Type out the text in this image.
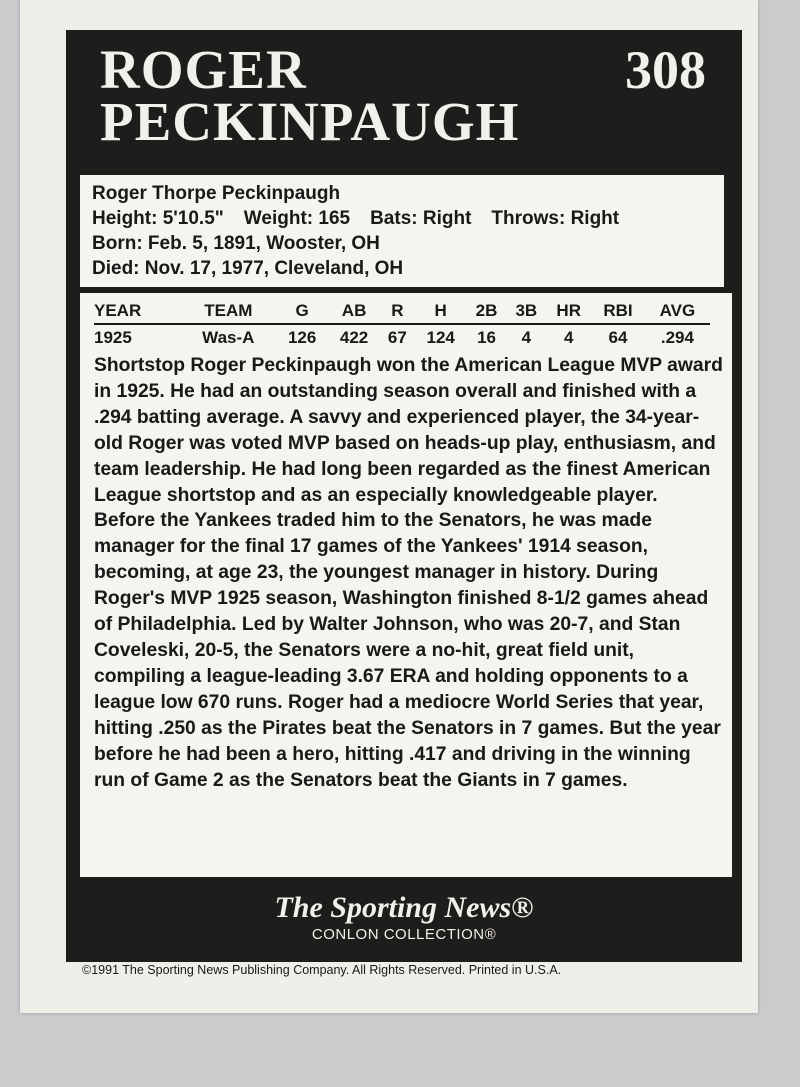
ROGER
PECKINPAUGH
308
Roger Thorpe Peckinpaugh
Height: 5'10.5" Weight: 165 Bats: Right Throws: Right
Born: Feb. 5, 1891, Wooster, OH
Died: Nov. 17, 1977, Cleveland, OH
YEAR	TEAM	G	AB	R	H	2B	3B	HR	RBI	AVG
1925	Was-A	126	422	67	124	16	4	4	64	.294

Shortstop Roger Peckinpaugh won the American League MVP award in 1925. He had an outstanding season overall and finished with a .294 batting average. A savvy and experienced player, the 34-year-old Roger was voted MVP based on heads-up play, enthusiasm, and team leadership. He had long been regarded as the finest American League shortstop and as an especially knowledgeable player. Before the Yankees traded him to the Senators, he was made manager for the final 17 games of the Yankees' 1914 season, becoming, at age 23, the youngest manager in history. During Roger's MVP 1925 season, Washington finished 8-1/2 games ahead of Philadelphia. Led by Walter Johnson, who was 20-7, and Stan Coveleski, 20-5, the Senators were a no-hit, great field unit, compiling a league-leading 3.67 ERA and holding opponents to a league low 670 runs. Roger had a mediocre World Series that year, hitting .250 as the Pirates beat the Senators in 7 games. But the year before he had been a hero, hitting .417 and driving in the winning run of Game 2 as the Senators beat the Giants in 7 games.

The Sporting News®
CONLON COLLECTION®
©1991 The Sporting News Publishing Company. All Rights Reserved. Printed in U.S.A.
